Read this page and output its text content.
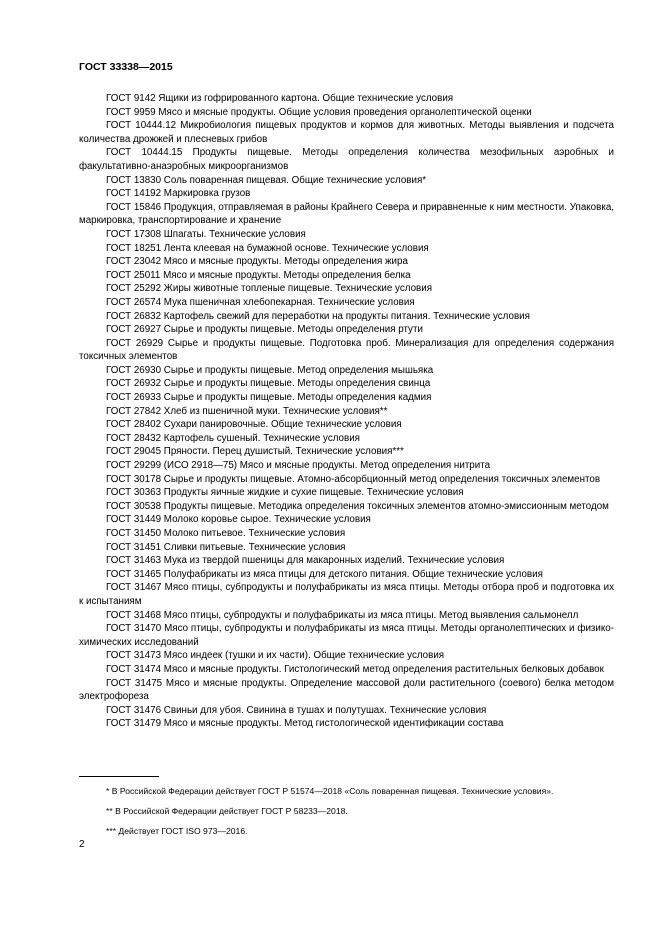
ГОСТ 33338—2015
ГОСТ 9142 Ящики из гофрированного картона. Общие технические условия
ГОСТ 9959 Мясо и мясные продукты. Общие условия проведения органолептической оценки
ГОСТ 10444.12 Микробиология пищевых продуктов и кормов для животных. Методы выявления и подсчета количества дрожжей и плесневых грибов
ГОСТ 10444.15 Продукты пищевые. Методы определения количества мезофильных аэробных и факультативно-анаэробных микроорганизмов
ГОСТ 13830 Соль поваренная пищевая. Общие технические условия*
ГОСТ 14192 Маркировка грузов
ГОСТ 15846 Продукция, отправляемая в районы Крайнего Севера и приравненные к ним местности. Упаковка, маркировка, транспортирование и хранение
ГОСТ 17308 Шпагаты. Технические условия
ГОСТ 18251 Лента клеевая на бумажной основе. Технические условия
ГОСТ 23042 Мясо и мясные продукты. Методы определения жира
ГОСТ 25011 Мясо и мясные продукты. Методы определения белка
ГОСТ 25292 Жиры животные топленые пищевые. Технические условия
ГОСТ 26574 Мука пшеничная хлебопекарная. Технические условия
ГОСТ 26832 Картофель свежий для переработки на продукты питания. Технические условия
ГОСТ 26927 Сырье и продукты пищевые. Методы определения ртути
ГОСТ 26929 Сырье и продукты пищевые. Подготовка проб. Минерализация для определения содержания токсичных элементов
ГОСТ 26930 Сырье и продукты пищевые. Метод определения мышьяка
ГОСТ 26932 Сырье и продукты пищевые. Методы определения свинца
ГОСТ 26933 Сырье и продукты пищевые. Методы определения кадмия
ГОСТ 27842 Хлеб из пшеничной муки. Технические условия**
ГОСТ 28402 Сухари панировочные. Общие технические условия
ГОСТ 28432 Картофель сушеный. Технические условия
ГОСТ 29045 Пряности. Перец душистый. Технические условия***
ГОСТ 29299 (ИСО 2918—75) Мясо и мясные продукты. Метод определения нитрита
ГОСТ 30178 Сырье и продукты пищевые. Атомно-абсорбционный метод определения токсичных элементов
ГОСТ 30363 Продукты яичные жидкие и сухие пищевые. Технические условия
ГОСТ 30538 Продукты пищевые. Методика определения токсичных элементов атомно-эмиссионным методом
ГОСТ 31449 Молоко коровье сырое. Технические условия
ГОСТ 31450 Молоко питьевое. Технические условия
ГОСТ 31451 Сливки питьевые. Технические условия
ГОСТ 31463 Мука из твердой пшеницы для макаронных изделий. Технические условия
ГОСТ 31465 Полуфабрикаты из мяса птицы для детского питания. Общие технические условия
ГОСТ 31467 Мясо птицы, субпродукты и полуфабрикаты из мяса птицы. Методы отбора проб и подготовка их к испытаниям
ГОСТ 31468 Мясо птицы, субпродукты и полуфабрикаты из мяса птицы. Метод выявления сальмонелл
ГОСТ 31470 Мясо птицы, субпродукты и полуфабрикаты из мяса птицы. Методы органолептических и физико-химических исследований
ГОСТ 31473 Мясо индеек (тушки и их части). Общие технические условия
ГОСТ 31474 Мясо и мясные продукты. Гистологический метод определения растительных белковых добавок
ГОСТ 31475 Мясо и мясные продукты. Определение массовой доли растительного (соевого) белка методом электрофореза
ГОСТ 31476 Свиньи для убоя. Свинина в тушах и полутушах. Технические условия
ГОСТ 31479 Мясо и мясные продукты. Метод гистологической идентификации состава
* В Российской Федерации действует ГОСТ Р 51574—2018 «Соль поваренная пищевая. Технические условия».
** В Российской Федерации действует ГОСТ Р 58233—2018.
*** Действует ГОСТ ISO 973—2016.
2
